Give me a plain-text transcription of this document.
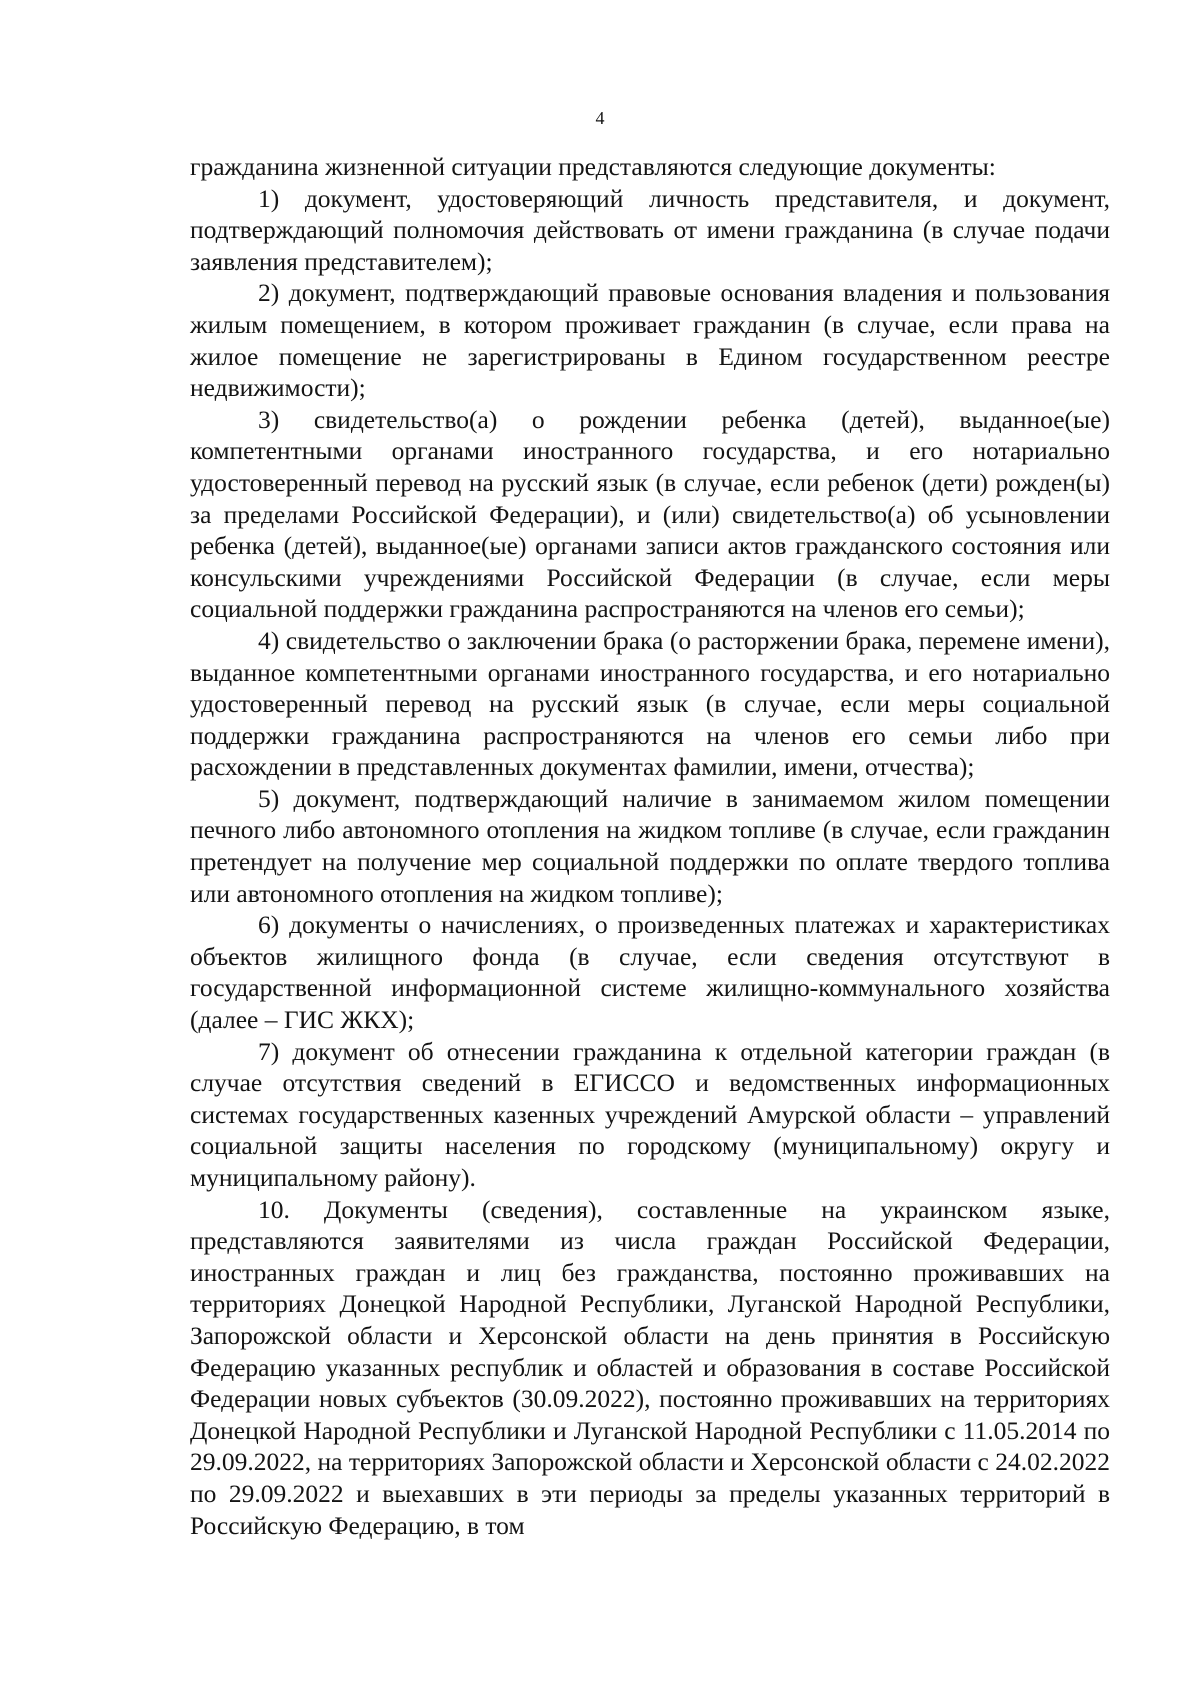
4

гражданина жизненной ситуации представляются следующие документы:

1) документ, удостоверяющий личность представителя, и документ, подтверждающий полномочия действовать от имени гражданина (в случае подачи заявления представителем);

2) документ, подтверждающий правовые основания владения и пользования жилым помещением, в котором проживает гражданин (в случае, если права на жилое помещение не зарегистрированы в Едином государственном реестре недвижимости);

3) свидетельство(а) о рождении ребенка (детей), выданное(ые) компетентными органами иностранного государства, и его нотариально удостоверенный перевод на русский язык (в случае, если ребенок (дети) рожден(ы) за пределами Российской Федерации), и (или) свидетельство(а) об усыновлении ребенка (детей), выданное(ые) органами записи актов гражданского состояния или консульскими учреждениями Российской Федерации (в случае, если меры социальной поддержки гражданина распространяются на членов его семьи);

4) свидетельство о заключении брака (о расторжении брака, перемене имени), выданное компетентными органами иностранного государства, и его нотариально удостоверенный перевод на русский язык (в случае, если меры социальной поддержки гражданина распространяются на членов его семьи либо при расхождении в представленных документах фамилии, имени, отчества);

5) документ, подтверждающий наличие в занимаемом жилом помещении печного либо автономного отопления на жидком топливе (в случае, если гражданин претендует на получение мер социальной поддержки по оплате твердого топлива или автономного отопления на жидком топливе);

6) документы о начислениях, о произведенных платежах и характеристиках объектов жилищного фонда (в случае, если сведения отсутствуют в государственной информационной системе жилищно-коммунального хозяйства (далее – ГИС ЖКХ);

7) документ об отнесении гражданина к отдельной категории граждан (в случае отсутствия сведений в ЕГИССО и ведомственных информационных системах государственных казенных учреждений Амурской области – управлений социальной защиты населения по городскому (муниципальному) округу и муниципальному району).

10. Документы (сведения), составленные на украинском языке, представляются заявителями из числа граждан Российской Федерации, иностранных граждан и лиц без гражданства, постоянно проживавших на территориях Донецкой Народной Республики, Луганской Народной Республики, Запорожской области и Херсонской области на день принятия в Российскую Федерацию указанных республик и областей и образования в составе Российской Федерации новых субъектов (30.09.2022), постоянно проживавших на территориях Донецкой Народной Республики и Луганской Народной Республики с 11.05.2014 по 29.09.2022, на территориях Запорожской области и Херсонской области с 24.02.2022 по 29.09.2022 и выехавших в эти периоды за пределы указанных территорий в Российскую Федерацию, в том
